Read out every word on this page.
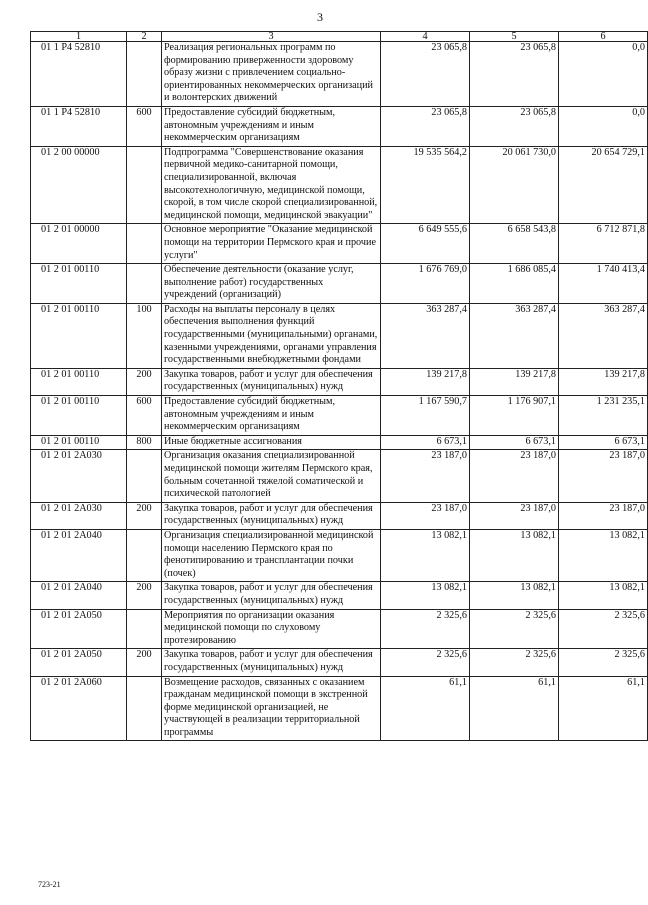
3
1	2	3	4	5	6
01 1 P4 52810		Реализация региональных программ по формированию приверженности здоровому образу жизни с привлечением социально-ориентированных некоммерческих организаций и волонтерских движений	23 065,8	23 065,8	0,0
01 1 P4 52810	600	Предоставление субсидий бюджетным, автономным учреждениям и иным некоммерческим организациям	23 065,8	23 065,8	0,0
01 2 00 00000		Подпрограмма "Совершенствование оказания первичной медико-санитарной помощи, специализированной, включая высокотехнологичную, медицинской помощи, скорой, в том числе скорой специализированной, медицинской помощи, медицинской эвакуации"	19 535 564,2	20 061 730,0	20 654 729,1
01 2 01 00000		Основное мероприятие "Оказание медицинской помощи на территории Пермского края и прочие услуги"	6 649 555,6	6 658 543,8	6 712 871,8
01 2 01 00110		Обеспечение деятельности (оказание услуг, выполнение работ) государственных учреждений (организаций)	1 676 769,0	1 686 085,4	1 740 413,4
01 2 01 00110	100	Расходы на выплаты персоналу в целях обеспечения выполнения функций государственными (муниципальными) органами, казенными учреждениями, органами управления государственными внебюджетными фондами	363 287,4	363 287,4	363 287,4
01 2 01 00110	200	Закупка товаров, работ и услуг для обеспечения государственных (муниципальных) нужд	139 217,8	139 217,8	139 217,8
01 2 01 00110	600	Предоставление субсидий бюджетным, автономным учреждениям и иным некоммерческим организациям	1 167 590,7	1 176 907,1	1 231 235,1
01 2 01 00110	800	Иные бюджетные ассигнования	6 673,1	6 673,1	6 673,1
01 2 01 2A030		Организация оказания специализированной медицинской помощи жителям Пермского края, больным сочетанной тяжелой соматической и психической патологией	23 187,0	23 187,0	23 187,0
01 2 01 2A030	200	Закупка товаров, работ и услуг для обеспечения государственных (муниципальных) нужд	23 187,0	23 187,0	23 187,0
01 2 01 2A040		Организация специализированной медицинской помощи населению Пермского края по фенотипированию и трансплантации почки (почек)	13 082,1	13 082,1	13 082,1
01 2 01 2A040	200	Закупка товаров, работ и услуг для обеспечения государственных (муниципальных) нужд	13 082,1	13 082,1	13 082,1
01 2 01 2A050		Мероприятия по организации оказания медицинской помощи по слуховому протезированию	2 325,6	2 325,6	2 325,6
01 2 01 2A050	200	Закупка товаров, работ и услуг для обеспечения государственных (муниципальных) нужд	2 325,6	2 325,6	2 325,6
01 2 01 2A060		Возмещение расходов, связанных с оказанием гражданам медицинской помощи в экстренной форме медицинской организацией, не участвующей в реализации территориальной программы	61,1	61,1	61,1
723-21
